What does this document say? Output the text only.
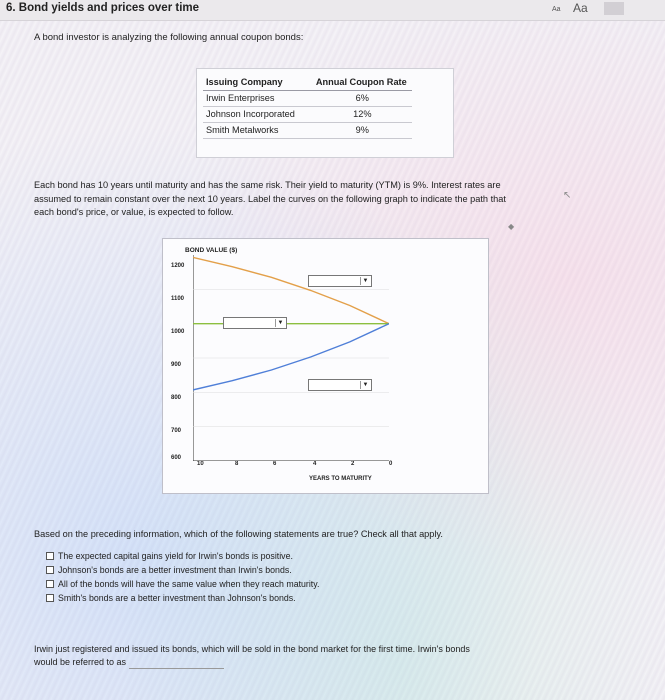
6. Bond yields and prices over time	Aa Aa
A bond investor is analyzing the following annual coupon bonds:
Issuing Company	Annual Coupon Rate
Irwin Enterprises	6%
Johnson Incorporated	12%
Smith Metalworks	9%
Each bond has 10 years until maturity and has the same risk. Their yield to maturity (YTM) is 9%. Interest rates are
assumed to remain constant over the next 10 years. Label the curves on the following graph to indicate the path that
each bond's price, or value, is expected to follow.
↖
◆
BOND VALUE ($)
1200
1100
1000
900
800
700
600
10	8	6	4	2	0
YEARS TO MATURITY
▼
▼
▼
Based on the preceding information, which of the following statements are true? Check all that apply.
The expected capital gains yield for Irwin's bonds is positive.
Johnson's bonds are a better investment than Irwin's bonds.
All of the bonds will have the same value when they reach maturity.
Smith's bonds are a better investment than Johnson's bonds.
Irwin just registered and issued its bonds, which will be sold in the bond market for the first time. Irwin's bonds
would be referred to as
